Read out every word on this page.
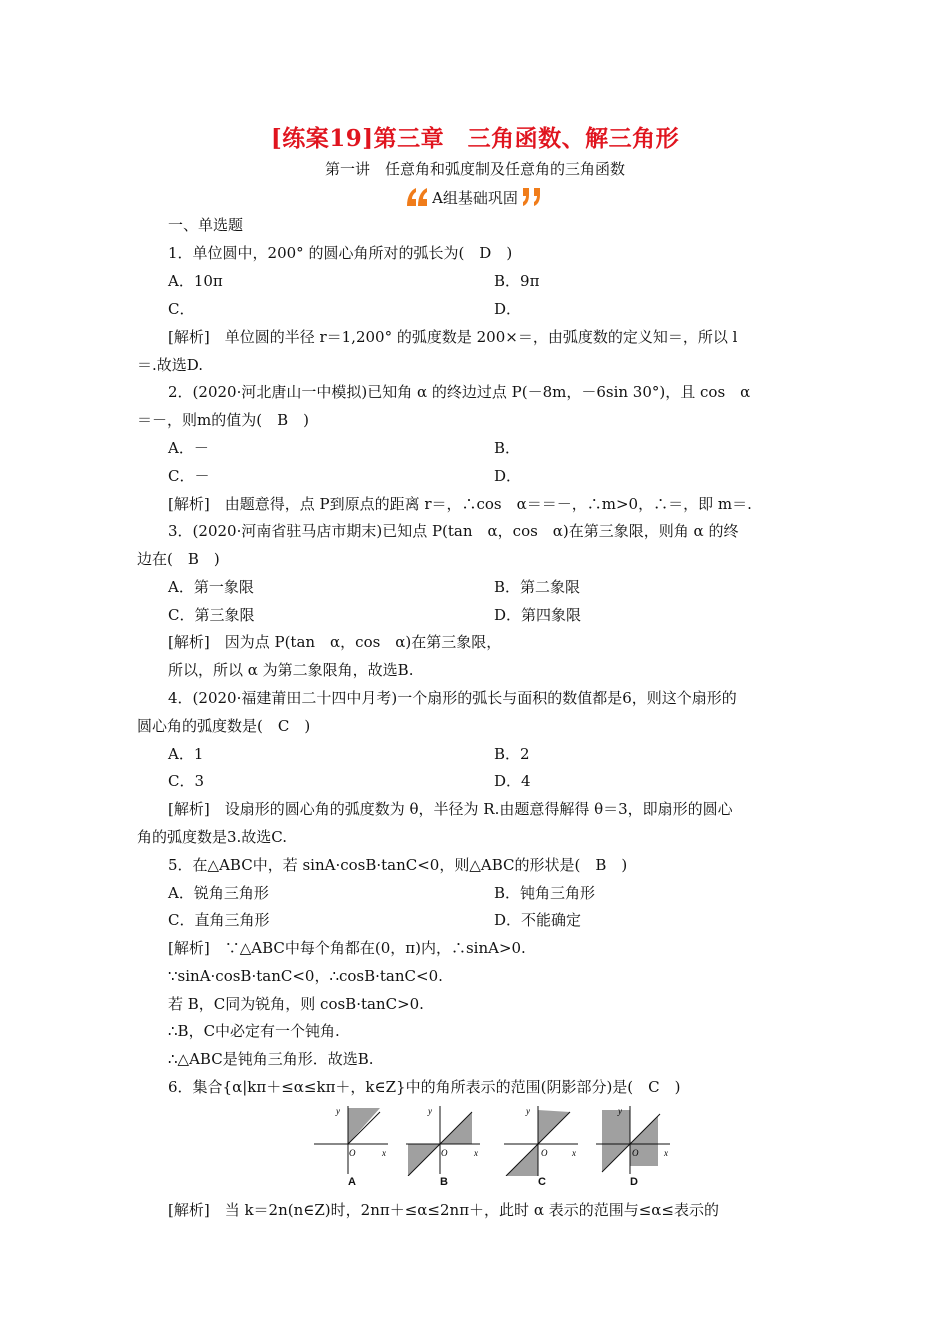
[练案19]第三章　三角函数、解三角形
第一讲　任意角和弧度制及任意角的三角函数
A组基础巩固
一、单选题
1．单位圆中，200° 的圆心角所对的弧长为(　D　)
A．10π	B．9π
C．	D．
[解析]　单位圆的半径 r＝1,200° 的弧度数是 200×＝，由弧度数的定义知＝，所以 l
＝.故选D.
2．(2020·河北唐山一中模拟)已知角 α 的终边过点 P(－8m，－6sin 30°)，且 cos　α
＝－，则m的值为(　B　)
A．－	B．
C．－	D．
[解析]　由题意得，点 P到原点的距离 r＝，∴cos　α＝＝－，∴m>0，∴＝，即 m＝.
3．(2020·河南省驻马店市期末)已知点 P(tan　α，cos　α)在第三象限，则角 α 的终
边在(　B　)
A．第一象限	B．第二象限
C．第三象限	D．第四象限
[解析]　因为点 P(tan　α，cos　α)在第三象限，
所以，所以 α 为第二象限角，故选B.
4．(2020·福建莆田二十四中月考)一个扇形的弧长与面积的数值都是6，则这个扇形的
圆心角的弧度数是(　C　)
A．1	B．2
C．3	D．4
[解析]　设扇形的圆心角的弧度数为 θ，半径为 R.由题意得解得 θ＝3，即扇形的圆心
角的弧度数是3.故选C.
5．在△ABC中，若 sinA·cosB·tanC<0，则△ABC的形状是(　B　)
A．锐角三角形	B．钝角三角形
C．直角三角形	D．不能确定
[解析]　∵△ABC中每个角都在(0，π)内，∴sinA>0.
∵sinA·cosB·tanC<0，∴cosB·tanC<0.
若 B，C同为锐角，则 cosB·tanC>0.
∴B，C中必定有一个钝角.
∴△ABC是钝角三角形．故选B.
6．集合{α|kπ＋≤α≤kπ＋，k∈Z}中的角所表示的范围(阴影部分)是(　C　)
y
x
O
A
y
x
O
B
y
x
O
C
y
x
O
D
[解析]　当 k＝2n(n∈Z)时，2nπ＋≤α≤2nπ＋，此时 α 表示的范围与≤α≤表示的
